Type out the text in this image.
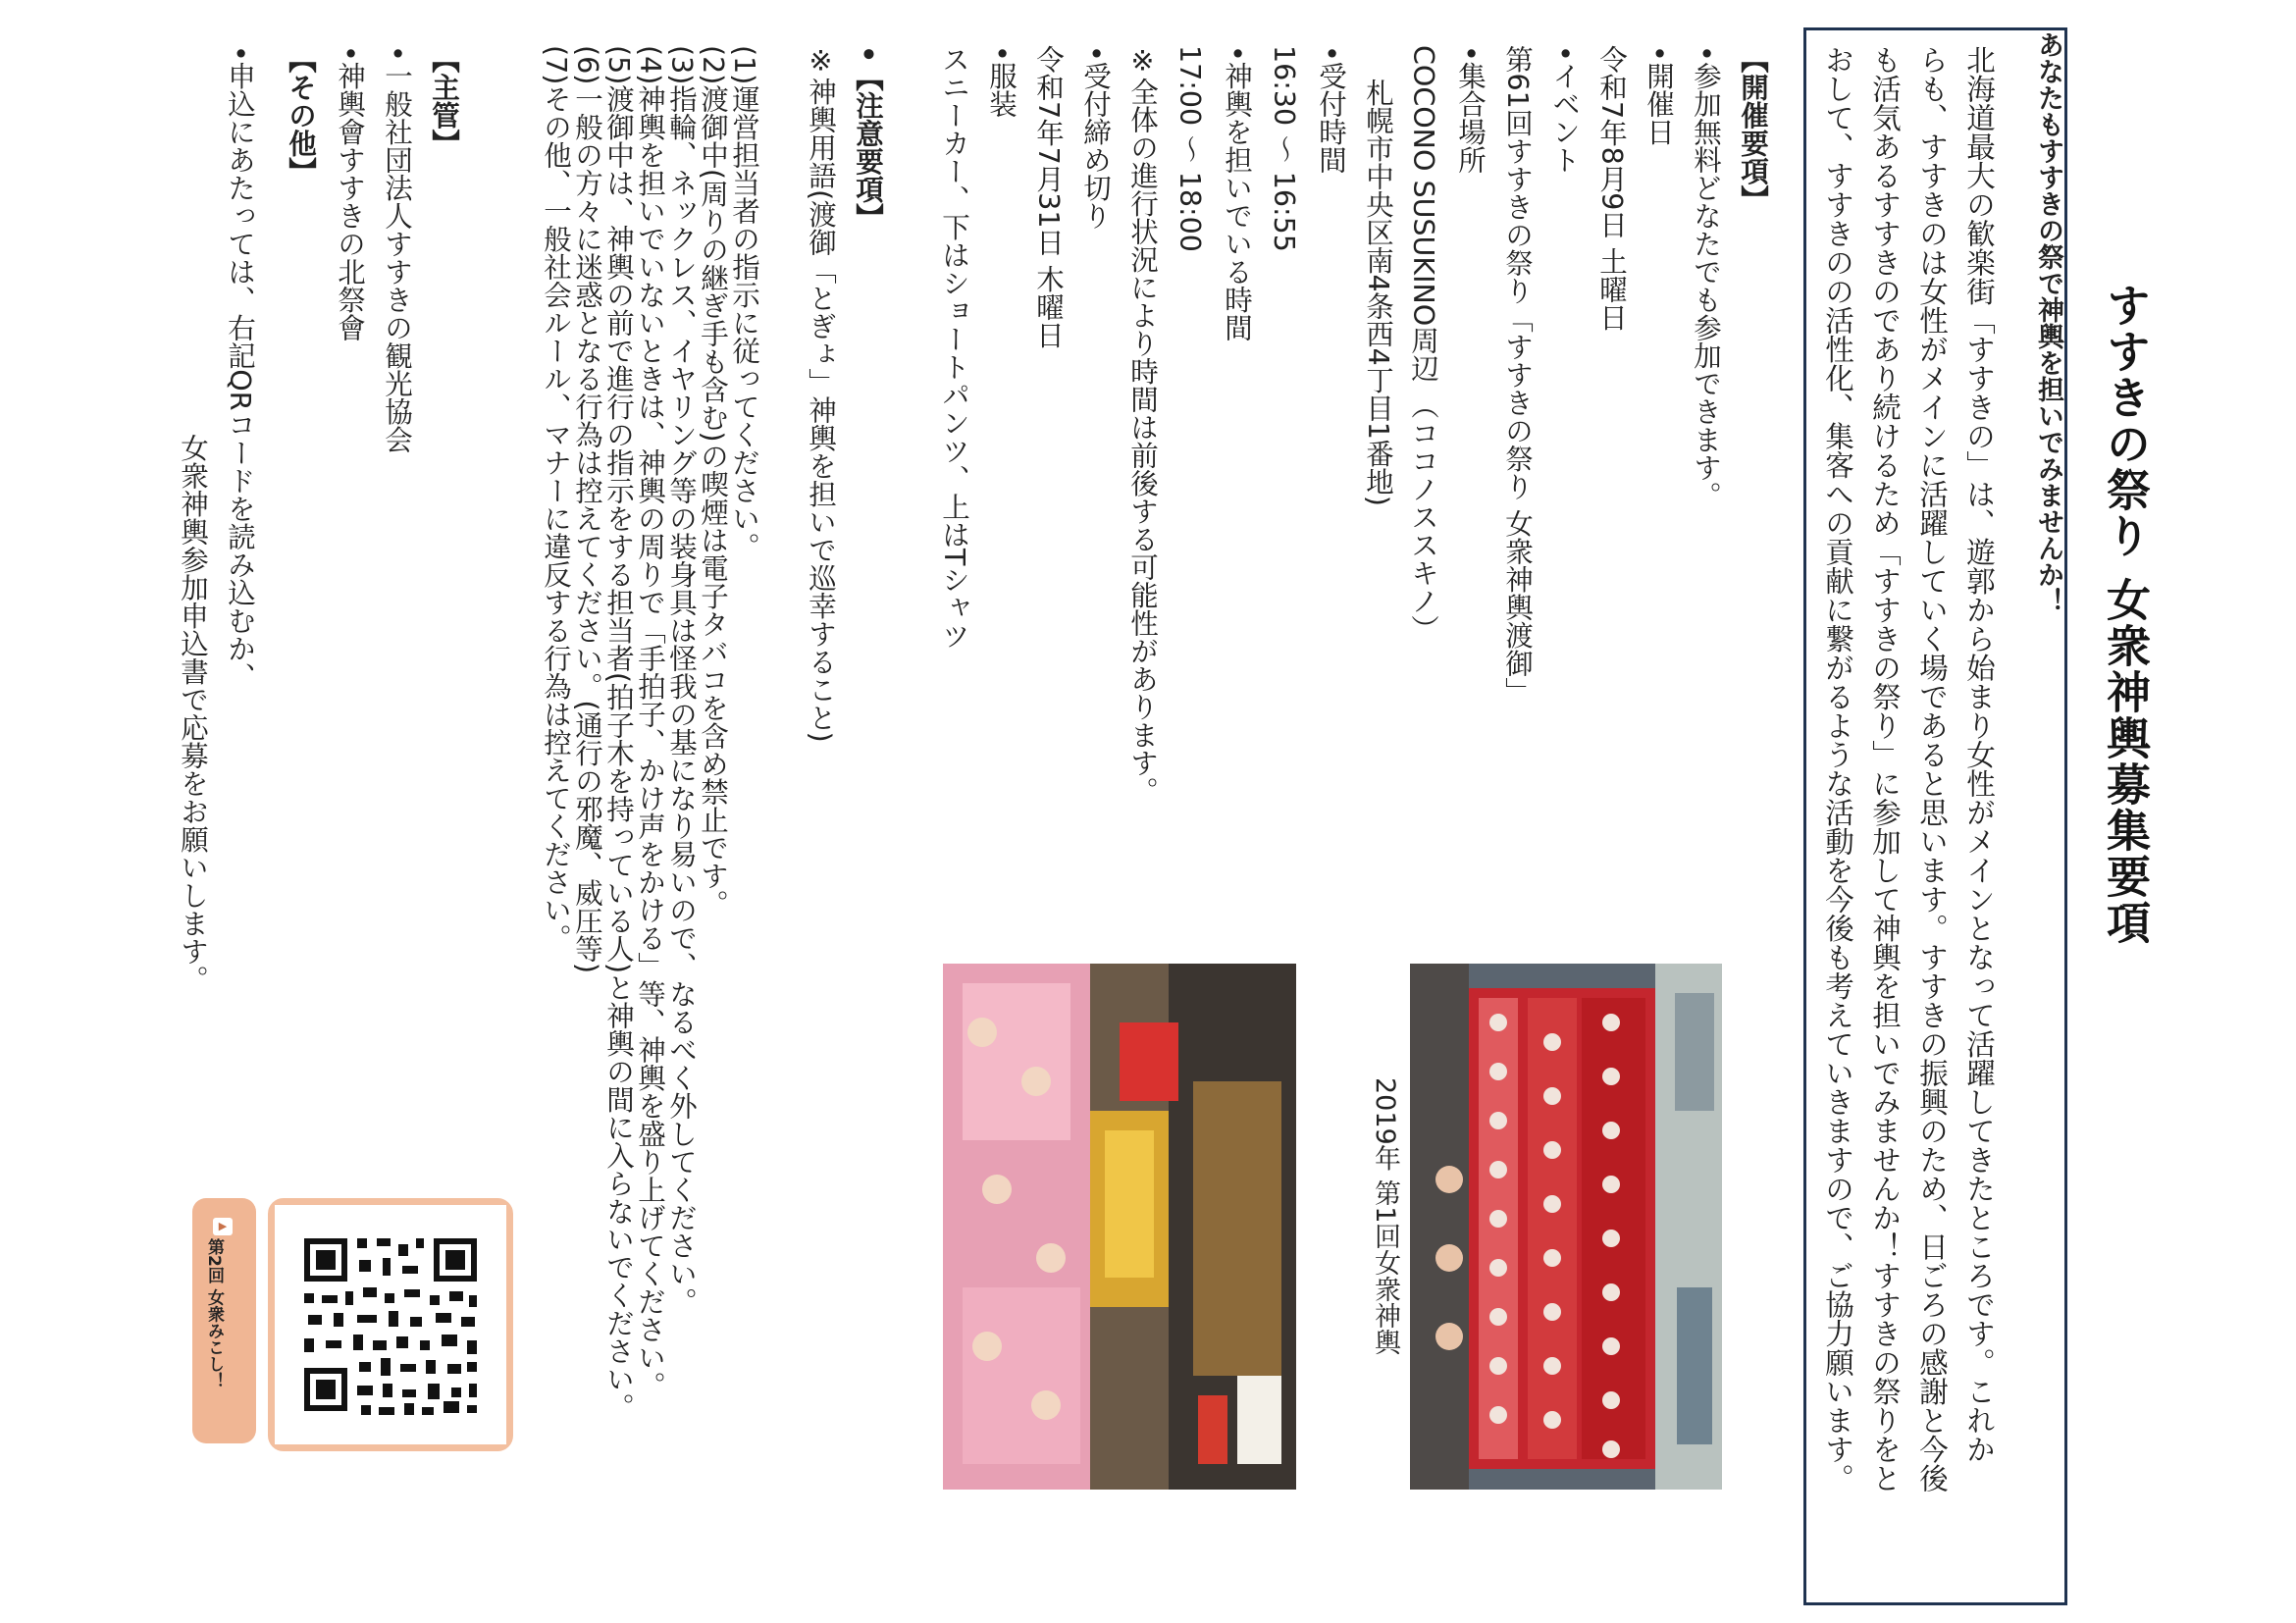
すすきの祭り 女衆神輿募集要項
あなたもすすきの祭で神輿を担いでみませんか！
北海道最大の歓楽街「すすきの」は、遊郭から始まり女性がメインとなって活躍してきたところです。これか
らも、すすきのは女性がメインに活躍していく場であると思います。すすきの振興のため、日ごろの感謝と今後
も活気あるすすきのであり続けるため「すすきの祭り」に参加して神輿を担いでみませんか！すすきの祭りをと
おして、すすきのの活性化、集客への貢献に繋がるような活動を今後も考えていきますので、ご協力願います。
【開催要項】
•参加無料どなたでも参加できます。
•開催日
令和7年8月9日 土曜日
•イベント
第61回すすきの祭り「すすきの祭り 女衆神輿渡御」
•集合場所
COCONO SUSUKINO周辺 （ココノススキノ）
札幌市中央区南4条西4丁目1番地)
•受付時間
16:30 ～ 16:55
•神輿を担いでいる時間
17:00 ～ 18:00
※全体の進行状況により時間は前後する可能性があります。
•受付締め切り
令和7年7月31日 木曜日
•服装
スニーカー、下はショートパンツ、上はTシャツ
•【注意要項】
※神輿用語(渡御「とぎょ」神輿を担いで巡幸すること)
(1)運営担当者の指示に従ってください。
(2)渡御中(周りの継ぎ手も含む)の喫煙は電子タバコを含め禁止です。
(3)指輪、ネックレス、イヤリング等の装身具は怪我の基になり易いので、なるべく外してください。
(4)神輿を担いでいないときは、神輿の周りで「手拍子、かけ声をかける」等、神輿を盛り上げてください。
(5)渡御中は、神輿の前で進行の指示をする担当者(拍子木を持っている人)と神輿の間に入らないでください。
(6)一般の方々に迷惑となる行為は控えてください。(通行の邪魔、威圧等)
(7)その他、一般社会ルール、マナーに違反する行為は控えてください。
【主管】
•一般社団法人すすきの観光協会
•神輿會すすきの北祭會
【その他】
•申込にあたっては、右記QRコードを読み込むか、
女衆神輿参加申込書で応募をお願いします。
2019年 第1回女衆神輿
▶
第2回 女衆みこし！
